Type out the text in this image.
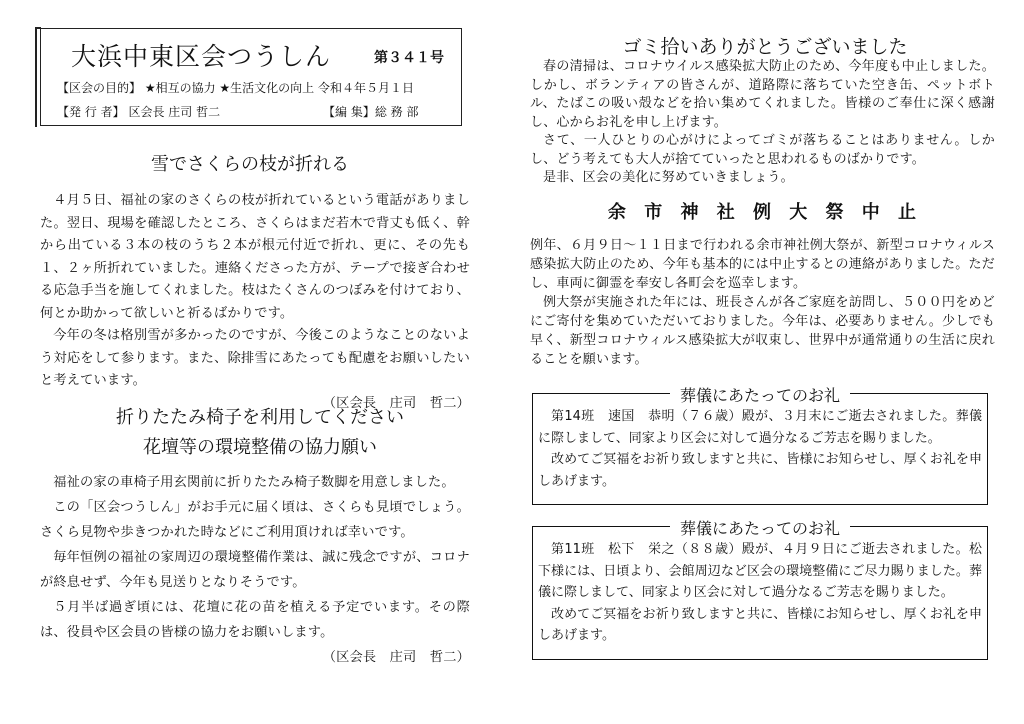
大浜中東区会つうしん	第３４１号
【区会の目的】 ★相互の協力 ★生活文化の向上 令和４年５月１日
【発 行 者】 区会長 庄司 哲二	【編 集】総 務 部
雪でさくらの枝が折れる

４月５日、福祉の家のさくらの枝が折れているという電話がありました。翌日、現場を確認したところ、さくらはまだ若木で背丈も低く、幹から出ている３本の枝のうち２本が根元付近で折れ、更に、その先も１、２ヶ所折れていました。連絡くださった方が、テープで接ぎ合わせる応急手当を施してくれました。枝はたくさんのつぼみを付けており、何とか助かって欲しいと祈るばかりです。

今年の冬は格別雪が多かったのですが、今後このようなことのないよう対応をして参ります。また、除排雪にあたっても配慮をお願いしたいと考えています。

（区会長　庄司　哲二）

折りたたみ椅子を利用してください
花壇等の環境整備の協力願い

福祉の家の車椅子用玄関前に折りたたみ椅子数脚を用意しました。

この「区会つうしん」がお手元に届く頃は、さくらも見頃でしょう。さくら見物や歩きつかれた時などにご利用頂ければ幸いです。

毎年恒例の福祉の家周辺の環境整備作業は、誠に残念ですが、コロナが終息せず、今年も見送りとなりそうです。

５月半ば過ぎ頃には、花壇に花の苗を植える予定でいます。その際は、役員や区会員の皆様の協力をお願いします。

（区会長　庄司　哲二）

ゴミ拾いありがとうございました

春の清掃は、コロナウイルス感染拡大防止のため、今年度も中止しました。しかし、ボランティアの皆さんが、道路際に落ちていた空き缶、ペットボトル、たばこの吸い殻などを拾い集めてくれました。皆様のご奉仕に深く感謝し、心からお礼を申し上げます。

さて、一人ひとりの心がけによってゴミが落ちることはありません。しかし、どう考えても大人が捨てていったと思われるものばかりです。

是非、区会の美化に努めていきましょう。

余 市 神 社 例 大 祭 中 止

例年、６月９日～１１日まで行われる余市神社例大祭が、新型コロナウィルス感染拡大防止のため、今年も基本的には中止するとの連絡がありました。ただし、車両に御霊を奉安し各町会を巡幸します。

例大祭が実施された年には、班長さんが各ご家庭を訪問し、５００円をめどにご寄付を集めていただいておりました。今年は、必要ありません。少しでも早く、新型コロナウィルス感染拡大が収束し、世界中が通常通りの生活に戻れることを願います。

葬儀にあたってのお礼

第14班　速国　恭明（７６歳）殿が、３月末にご逝去されました。葬儀に際しまして、同家より区会に対して過分なるご芳志を賜りました。

改めてご冥福をお祈り致しますと共に、皆様にお知らせし、厚くお礼を申しあげます。

葬儀にあたってのお礼

第11班　松下　栄之（８８歳）殿が、４月９日にご逝去されました。松下様には、日頃より、会館周辺など区会の環境整備にご尽力賜りました。葬儀に際しまして、同家より区会に対して過分なるご芳志を賜りました。

改めてご冥福をお祈り致しますと共に、皆様にお知らせし、厚くお礼を申しあげます。
